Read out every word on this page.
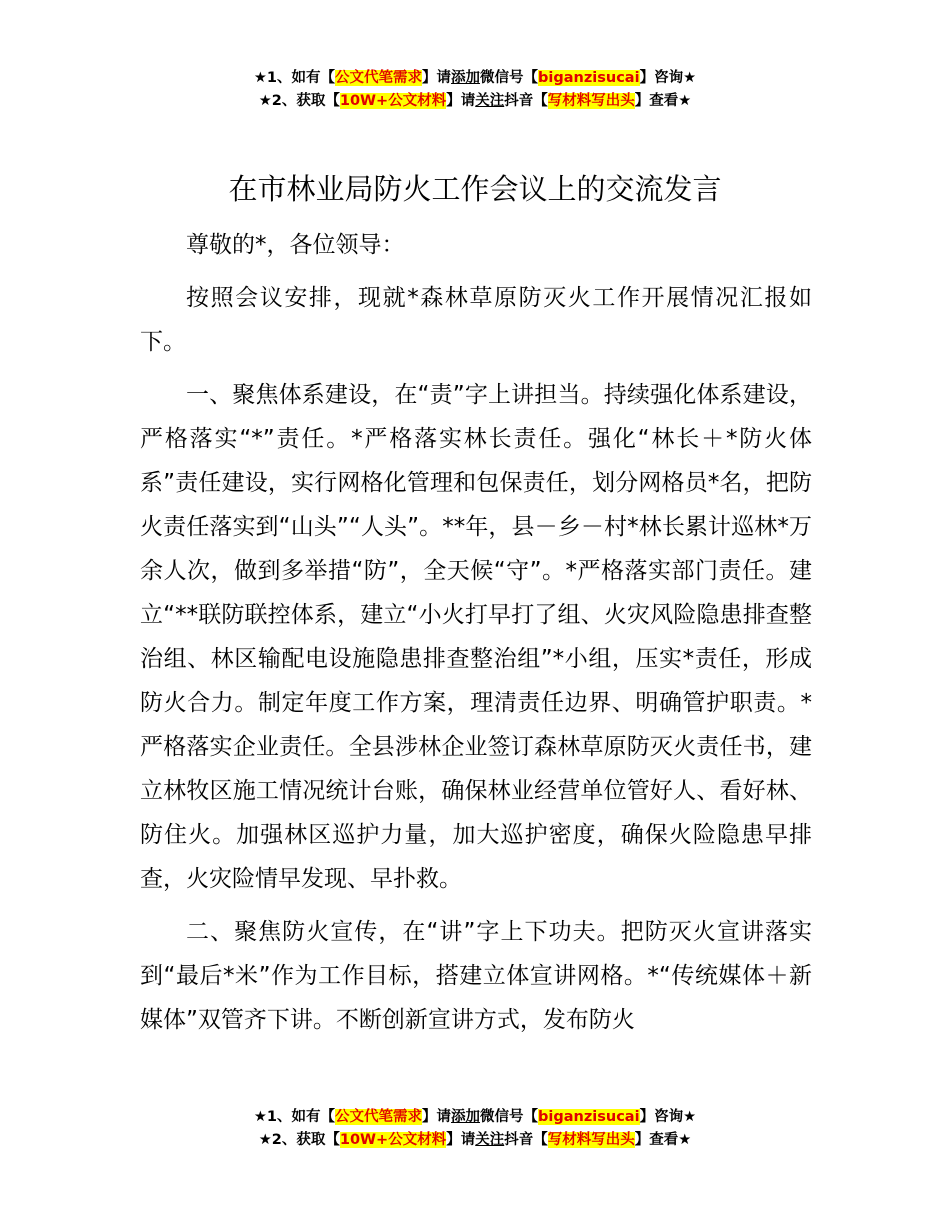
★1、如有【公文代笔需求】请添加微信号【biganzisucai】咨询★
★2、获取【10W+公文材料】请关注抖音【写材料写出头】查看★
在市林业局防火工作会议上的交流发言

尊敬的*，各位领导：

按照会议安排，现就*森林草原防灭火工作开展情况汇报如下。

一、聚焦体系建设，在“责”字上讲担当。持续强化体系建设，严格落实“*”责任。*严格落实林长责任。强化“林长＋*防火体系”责任建设，实行网格化管理和包保责任，划分网格员*名，把防火责任落实到“山头”“人头”。**年，县－乡－村*林长累计巡林*万余人次，做到多举措“防”，全天候“守”。*严格落实部门责任。建立“**联防联控体系，建立“小火打早打了组、火灾风险隐患排查整治组、林区输配电设施隐患排查整治组”*小组，压实*责任，形成防火合力。制定年度工作方案，理清责任边界、明确管护职责。*严格落实企业责任。全县涉林企业签订森林草原防灭火责任书，建立林牧区施工情况统计台账，确保林业经营单位管好人、看好林、防住火。加强林区巡护力量，加大巡护密度，确保火险隐患早排查，火灾险情早发现、早扑救。

二、聚焦防火宣传，在“讲”字上下功夫。把防灭火宣讲落实到“最后*米”作为工作目标，搭建立体宣讲网格。*“传统媒体＋新媒体”双管齐下讲。不断创新宣讲方式，发布防火

★1、如有【公文代笔需求】请添加微信号【biganzisucai】咨询★
★2、获取【10W+公文材料】请关注抖音【写材料写出头】查看★
